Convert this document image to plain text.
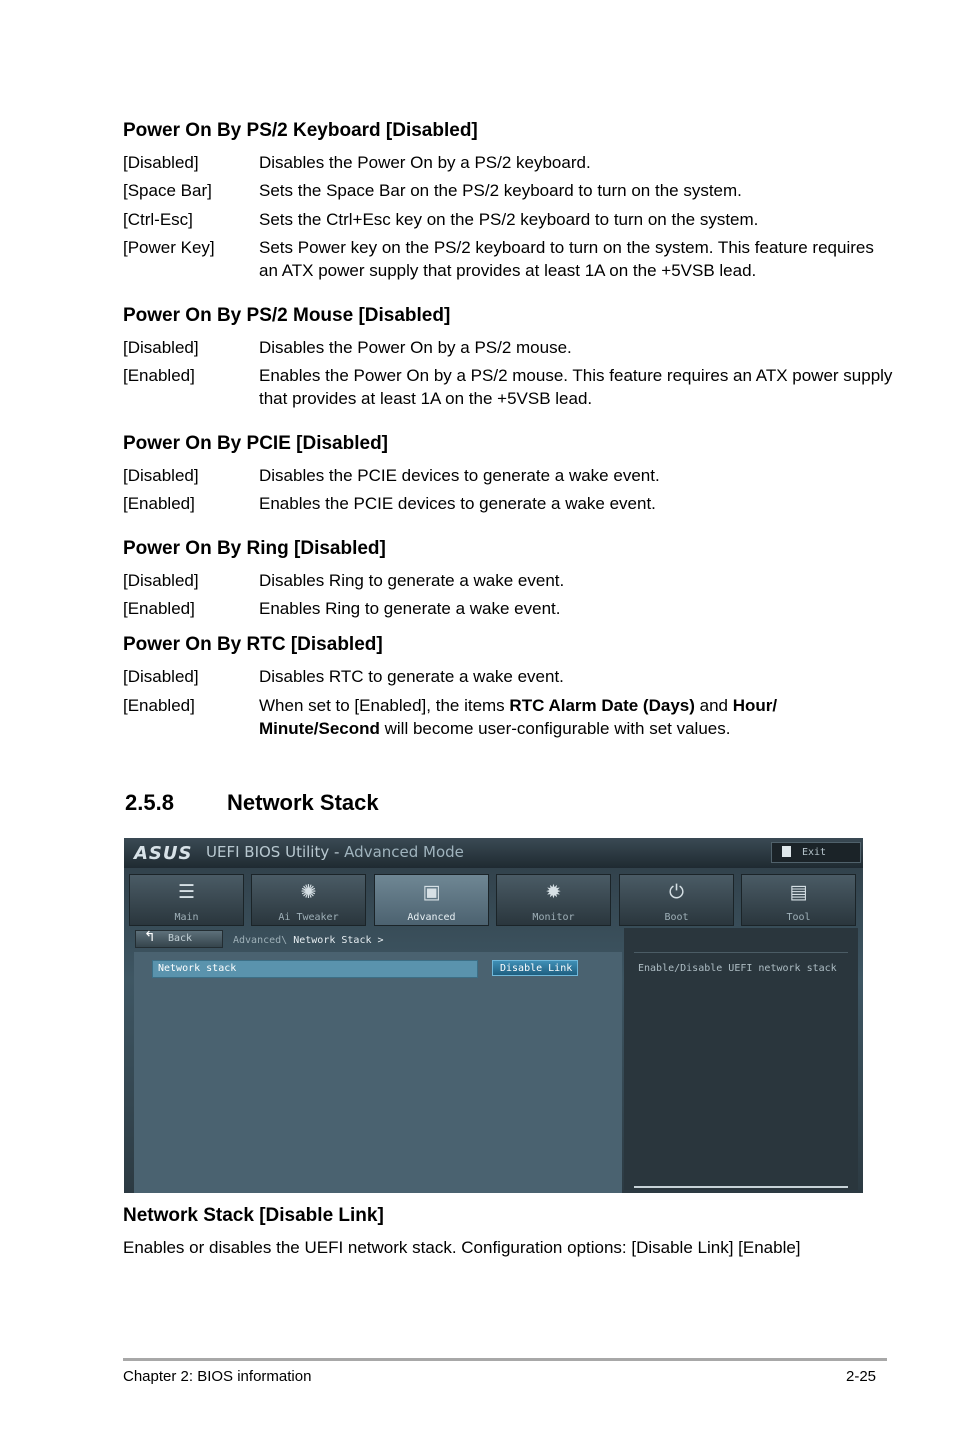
Power On By PS/2 Keyboard [Disabled]
[Disabled]	Disables the Power On by a PS/2 keyboard.
[Space Bar]	Sets the Space Bar on the PS/2 keyboard to turn on the system.
[Ctrl-Esc]	Sets the Ctrl+Esc key on the PS/2 keyboard to turn on the system.
[Power Key]	Sets Power key on the PS/2 keyboard to turn on the system. This feature requires an ATX power supply that provides at least 1A on the +5VSB lead.
Power On By PS/2 Mouse [Disabled]
[Disabled]	Disables the Power On by a PS/2 mouse.
[Enabled]	Enables the Power On by a PS/2 mouse. This feature requires an ATX power supply that provides at least 1A on the +5VSB lead.
Power On By PCIE [Disabled]
[Disabled]	Disables the PCIE devices to generate a wake event.
[Enabled]	Enables the PCIE devices to generate a wake event.
Power On By Ring [Disabled]
[Disabled]	Disables Ring to generate a wake event.
[Enabled]	Enables Ring to generate a wake event.
Power On By RTC [Disabled]
[Disabled]	Disables RTC to generate a wake event.
[Enabled]	When set to [Enabled], the items RTC Alarm Date (Days) and Hour/ Minute/Second will become user-configurable with set values.
2.5.8 Network Stack
ASUS UEFI BIOS Utility - Advanced Mode	Exit
☰
Main
✺
Ai Tweaker
▣
Advanced
✹
Monitor
⏻
Boot
▤
Tool
↰ Back	Advanced\ Network Stack >
Network stack	Disable Link	Enable/Disable UEFI network stack
Network Stack [Disable Link]
Enables or disables the UEFI network stack. Configuration options: [Disable Link] [Enable]
Chapter 2: BIOS information	2-25
